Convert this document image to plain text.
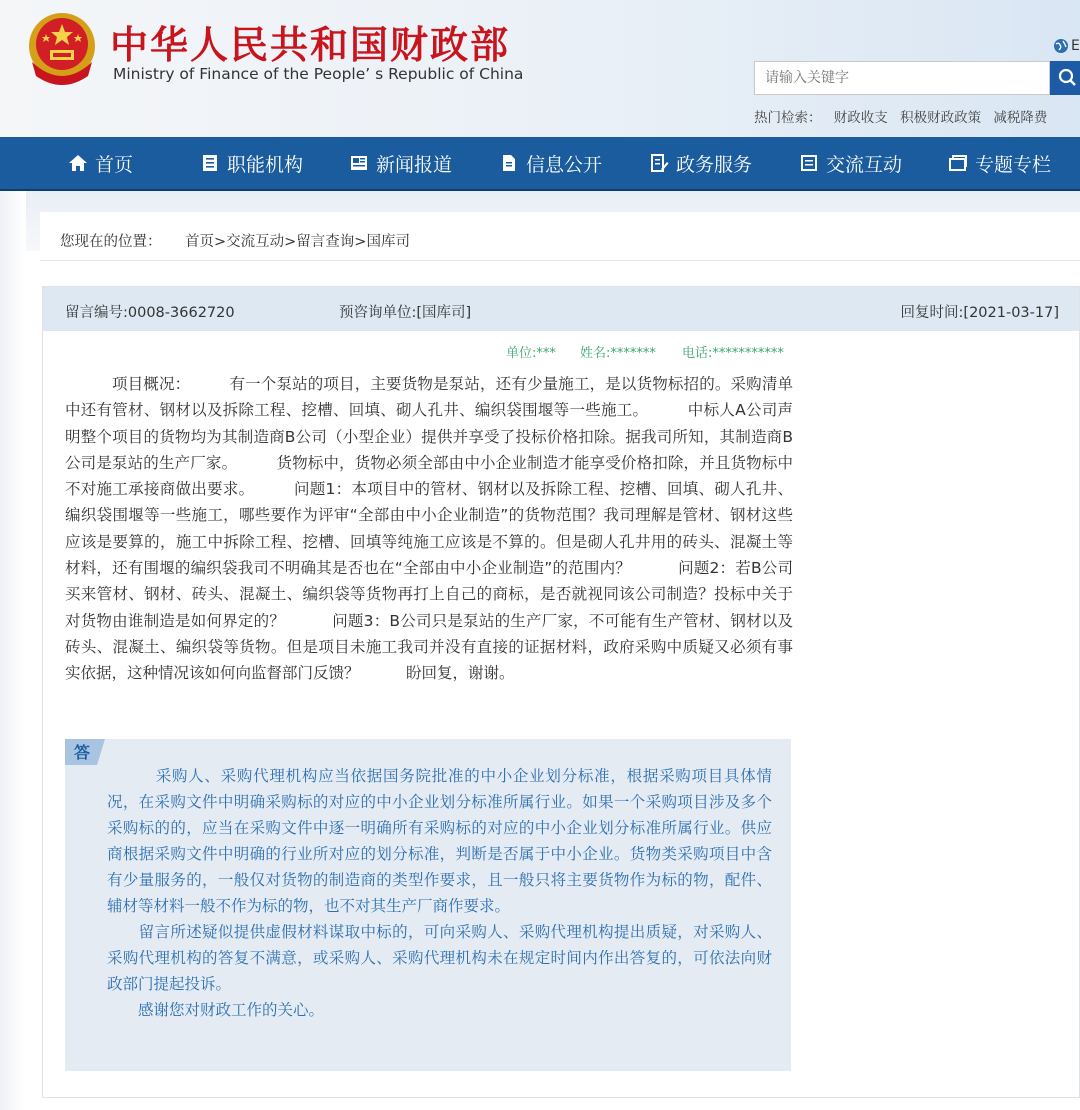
中华人民共和国财政部
Ministry of Finance of the People’ s Republic of China
E
请输入关键字
热门检索： 财政收支 积极财政政策 减税降费
首页	职能机构	新闻报道	信息公开	政务服务	交流互动	专题专栏
您现在的位置： 首页>交流互动>留言查询>国库司
留言编号:0008-3662720	预咨询单位:[国库司]	回复时间:[2021-03-17]
单位:*** 姓名:******* 电话:***********
　　　项目概况：　　　有一个泵站的项目，主要货物是泵站，还有少量施工，是以货物标招的。采购清单中还有管材、钢材以及拆除工程、挖槽、回填、砌人孔井、编织袋围堰等一些施工。　　　中标人A公司声明整个项目的货物均为其制造商B公司（小型企业）提供并享受了投标价格扣除。据我司所知，其制造商B公司是泵站的生产厂家。　　　货物标中，货物必须全部由中小企业制造才能享受价格扣除，并且货物标中不对施工承接商做出要求。　　　问题1：本项目中的管材、钢材以及拆除工程、挖槽、回填、砌人孔井、编织袋围堰等一些施工，哪些要作为评审“全部由中小企业制造”的货物范围？我司理解是管材、钢材这些应该是要算的，施工中拆除工程、挖槽、回填等纯施工应该是不算的。但是砌人孔井用的砖头、混凝土等材料，还有围堰的编织袋我司不明确其是否也在“全部由中小企业制造”的范围内？　　　问题2：若B公司买来管材、钢材、砖头、混凝土、编织袋等货物再打上自己的商标，是否就视同该公司制造？投标中关于对货物由谁制造是如何界定的？　　　问题3：B公司只是泵站的生产厂家，不可能有生产管材、钢材以及砖头、混凝土、编织袋等货物。但是项目未施工我司并没有直接的证据材料，政府采购中质疑又必须有事实依据，这种情况该如何向监督部门反馈？　　　盼回复，谢谢。
答

　　　采购人、采购代理机构应当依据国务院批准的中小企业划分标准，根据采购项目具体情况，在采购文件中明确采购标的对应的中小企业划分标准所属行业。如果一个采购项目涉及多个采购标的的，应当在采购文件中逐一明确所有采购标的对应的中小企业划分标准所属行业。供应商根据采购文件中明确的行业所对应的划分标准，判断是否属于中小企业。货物类采购项目中含有少量服务的，一般仅对货物的制造商的类型作要求，且一般只将主要货物作为标的物，配件、辅材等材料一般不作为标的物，也不对其生产厂商作要求。

　　留言所述疑似提供虚假材料谋取中标的，可向采购人、采购代理机构提出质疑，对采购人、采购代理机构的答复不满意，或采购人、采购代理机构未在规定时间内作出答复的，可依法向财政部门提起投诉。

　　感谢您对财政工作的关心。
